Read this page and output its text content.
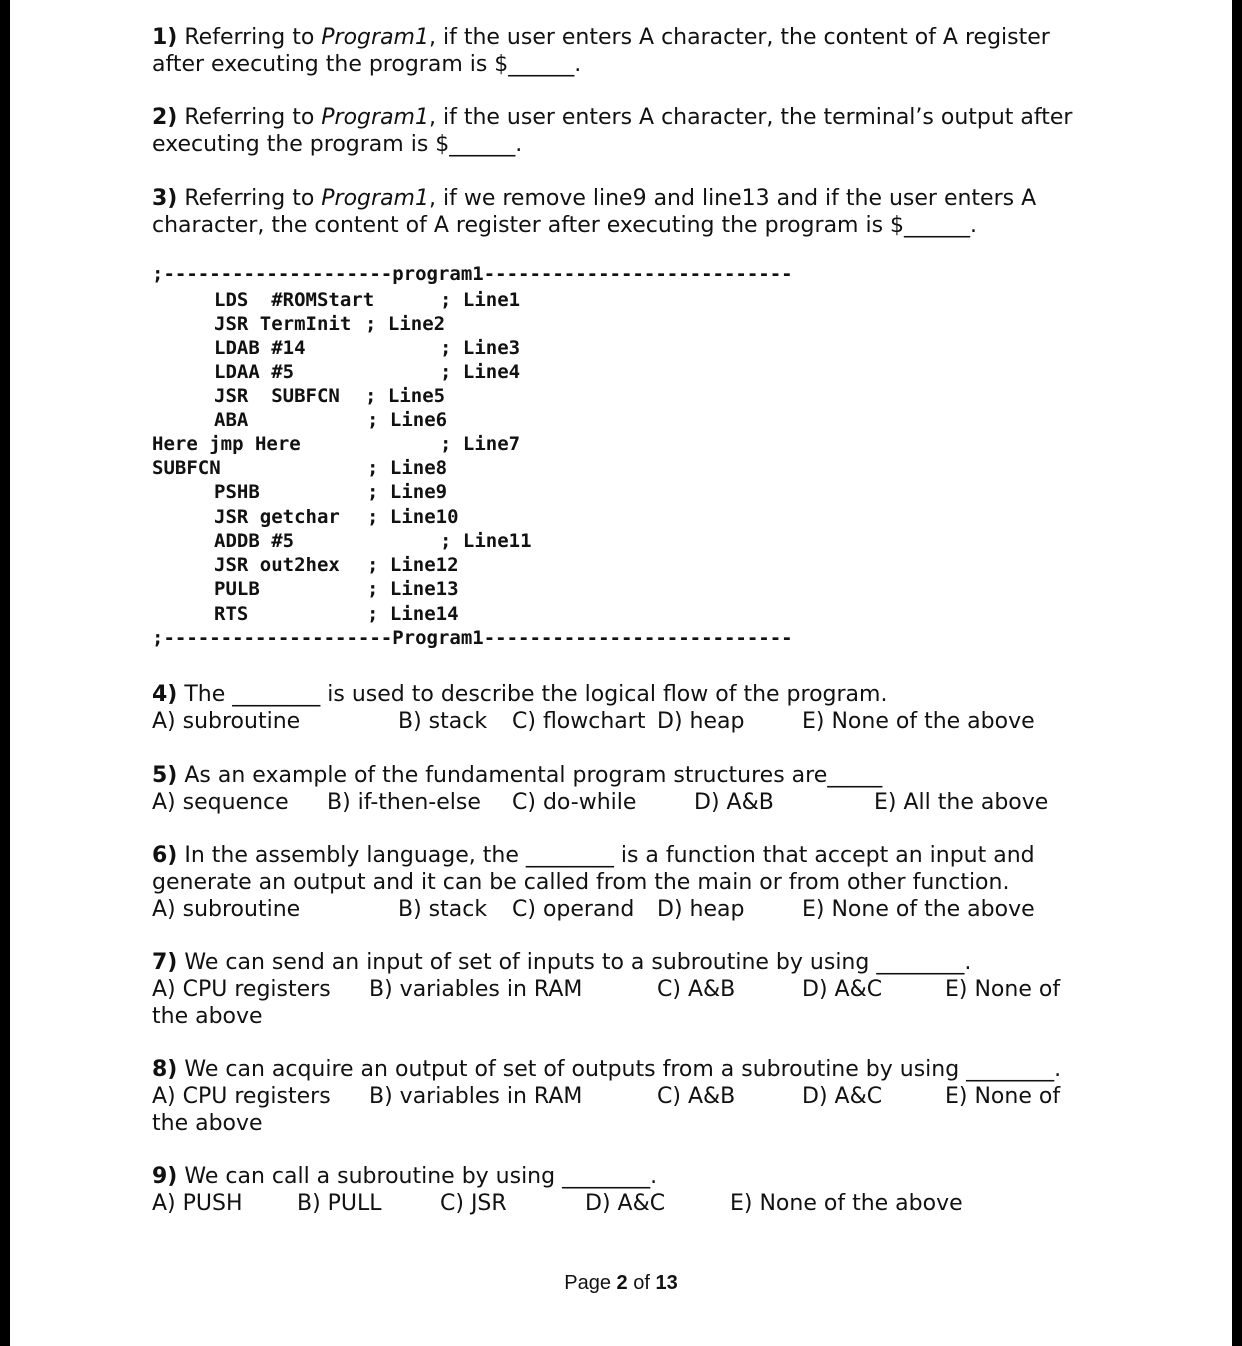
1) Referring to Program1, if the user enters A character, the content of A register
after executing the program is $______.
2) Referring to Program1, if the user enters A character, the terminal’s output after
executing the program is $______.
3) Referring to Program1, if we remove line9 and line13 and if the user enters A
character, the content of A register after executing the program is $______.
;--------------------program1---------------------------
LDS  #ROMStart	; Line1
JSR TermInit ; Line2
LDAB #14	; Line3
LDAA #5	; Line4
JSR  SUBFCN ; Line5
ABA	; Line6
Here jmp Here	; Line7
SUBFCN	; Line8
PSHB	; Line9
JSR getchar ; Line10
ADDB #5	; Line11
JSR out2hex ; Line12
PULB	; Line13
RTS	; Line14
;--------------------Program1---------------------------
4) The ________ is used to describe the logical flow of the program.
A) subroutine	B) stack C) flowchart D) heap	E) None of the above
5) As an example of the fundamental program structures are_____
A) sequence B) if-then-else C) do-while	D) A&B	E) All the above
6) In the assembly language, the ________ is a function that accept an input and
generate an output and it can be called from the main or from other function.
A) subroutine	B) stack C) operand D) heap	E) None of the above
7) We can send an input of set of inputs to a subroutine by using ________.
A) CPU registers B) variables in RAM	C) A&B	D) A&C	E) None of
the above
8) We can acquire an output of set of outputs from a subroutine by using ________.
A) CPU registers B) variables in RAM	C) A&B	D) A&C	E) None of
the above
9) We can call a subroutine by using ________.
A) PUSH B) PULL	C) JSR	D) A&C	E) None of the above
Page 2 of 13
